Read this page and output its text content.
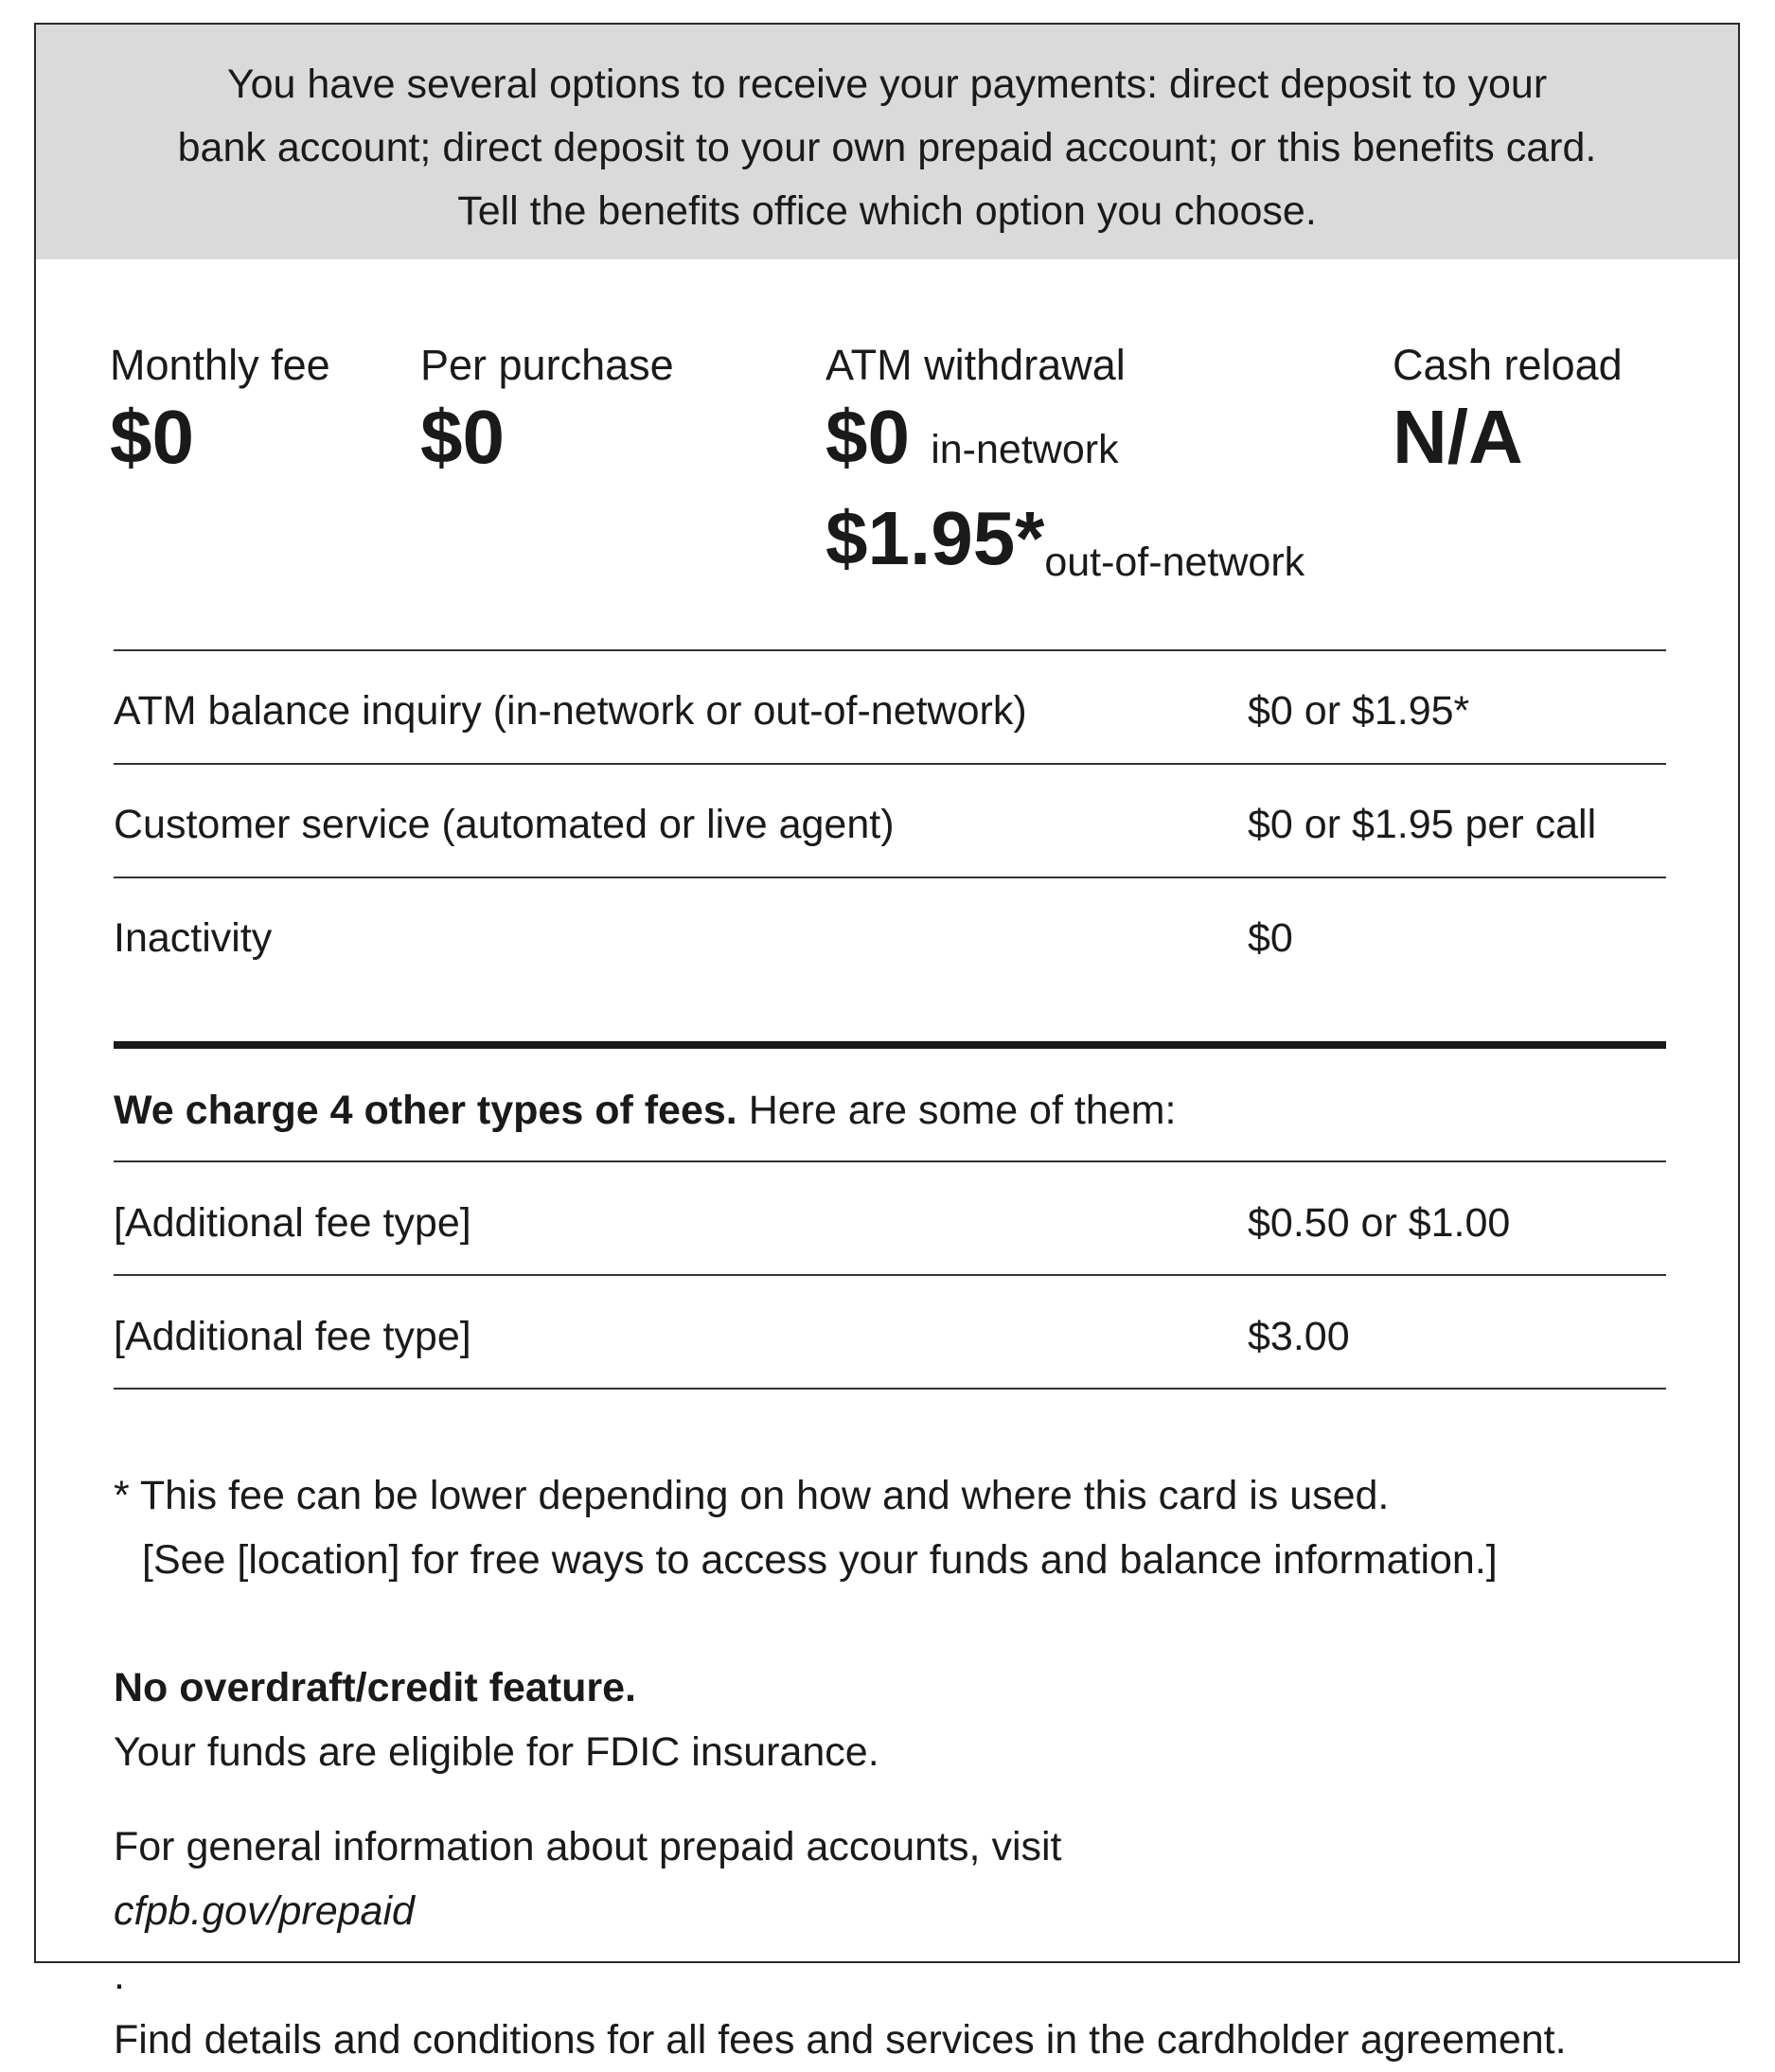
You have several options to receive your payments: direct deposit to your
bank account; direct deposit to your own prepaid account; or this benefits card.
Tell the benefits office which option you choose.
Monthly fee
$0
Per purchase
$0
ATM withdrawal
$0 in-network
$1.95*out-of-network
Cash reload
N/A
ATM balance inquiry (in-network or out-of-network)	$0 or $1.95*
Customer service (automated or live agent)	$0 or $1.95 per call
Inactivity	$0
We charge 4 other types of fees. Here are some of them:
[Additional fee type]	$0.50 or $1.00
[Additional fee type]	$3.00
* This fee can be lower depending on how and where this card is used.
[See [location] for free ways to access your funds and balance information.]
No overdraft/credit feature.
Your funds are eligible for FDIC insurance.
For general information about prepaid accounts, visit
cfpb.gov/prepaid
.
Find details and conditions for all fees and services in the cardholder agreement.
